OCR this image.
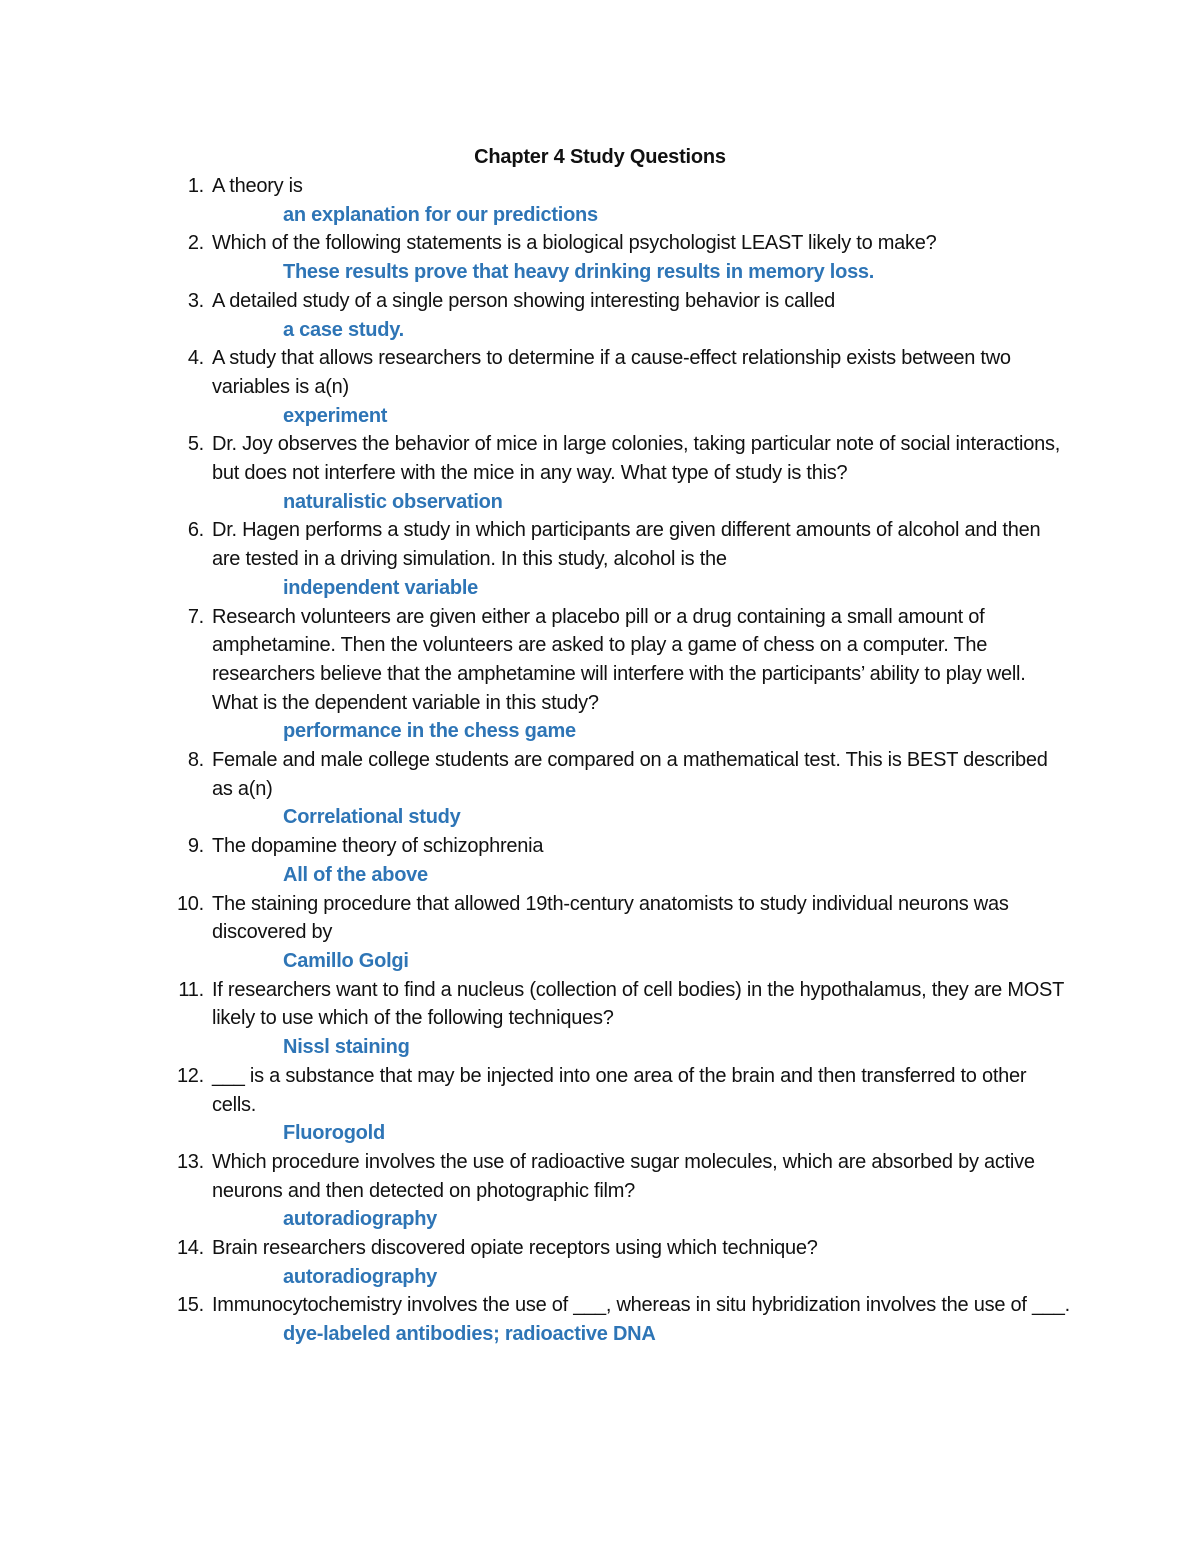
Chapter 4 Study Questions
1. A theory is
an explanation for our predictions
2. Which of the following statements is a biological psychologist LEAST likely to make?
These results prove that heavy drinking results in memory loss.
3. A detailed study of a single person showing interesting behavior is called
a case study.
4. A study that allows researchers to determine if a cause-effect relationship exists between two variables is a(n)
experiment
5. Dr. Joy observes the behavior of mice in large colonies, taking particular note of social interactions, but does not interfere with the mice in any way. What type of study is this?
naturalistic observation
6. Dr. Hagen performs a study in which participants are given different amounts of alcohol and then are tested in a driving simulation. In this study, alcohol is the
independent variable
7. Research volunteers are given either a placebo pill or a drug containing a small amount of amphetamine. Then the volunteers are asked to play a game of chess on a computer. The researchers believe that the amphetamine will interfere with the participants’ ability to play well. What is the dependent variable in this study?
performance in the chess game
8. Female and male college students are compared on a mathematical test. This is BEST described as a(n)
Correlational study
9. The dopamine theory of schizophrenia
All of the above
10. The staining procedure that allowed 19th-century anatomists to study individual neurons was discovered by
Camillo Golgi
11. If researchers want to find a nucleus (collection of cell bodies) in the hypothalamus, they are MOST likely to use which of the following techniques?
Nissl staining
12. ___ is a substance that may be injected into one area of the brain and then transferred to other cells.
Fluorogold
13. Which procedure involves the use of radioactive sugar molecules, which are absorbed by active neurons and then detected on photographic film?
autoradiography
14. Brain researchers discovered opiate receptors using which technique?
autoradiography
15. Immunocytochemistry involves the use of ___, whereas in situ hybridization involves the use of ___.
dye-labeled antibodies; radioactive DNA
